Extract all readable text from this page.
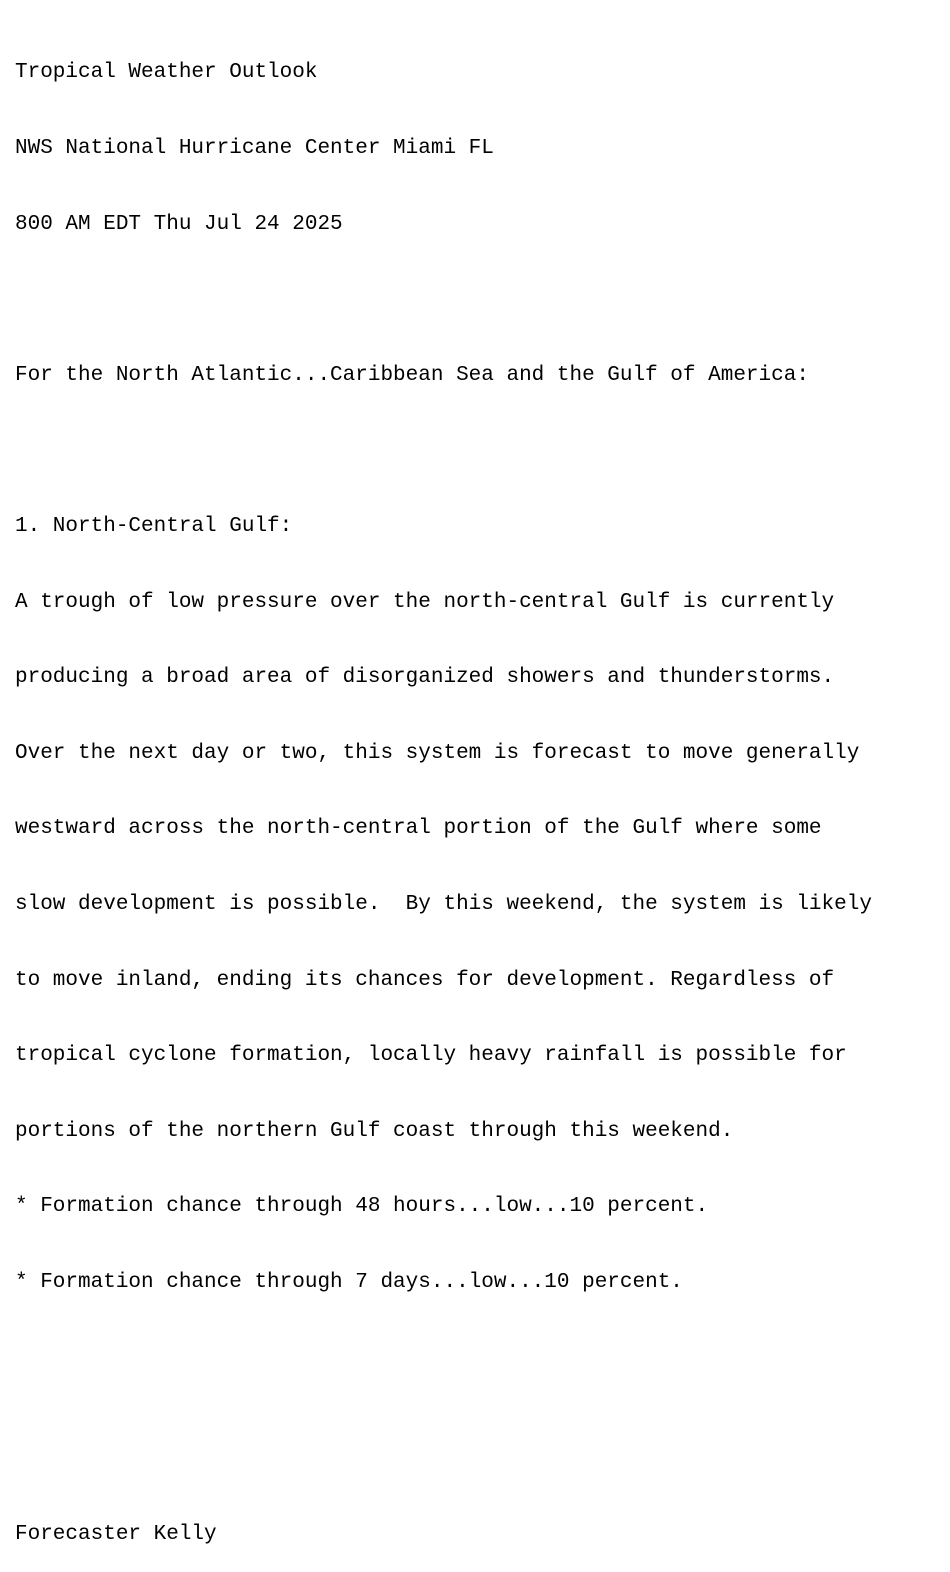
Tropical Weather Outlook

NWS National Hurricane Center Miami FL

800 AM EDT Thu Jul 24 2025

For the North Atlantic...Caribbean Sea and the Gulf of America:

1. North-Central Gulf:

A trough of low pressure over the north-central Gulf is currently

producing a broad area of disorganized showers and thunderstorms.

Over the next day or two, this system is forecast to move generally

westward across the north-central portion of the Gulf where some

slow development is possible.  By this weekend, the system is likely

to move inland, ending its chances for development. Regardless of

tropical cyclone formation, locally heavy rainfall is possible for

portions of the northern Gulf coast through this weekend.

* Formation chance through 48 hours...low...10 percent.

* Formation chance through 7 days...low...10 percent.

Forecaster Kelly
